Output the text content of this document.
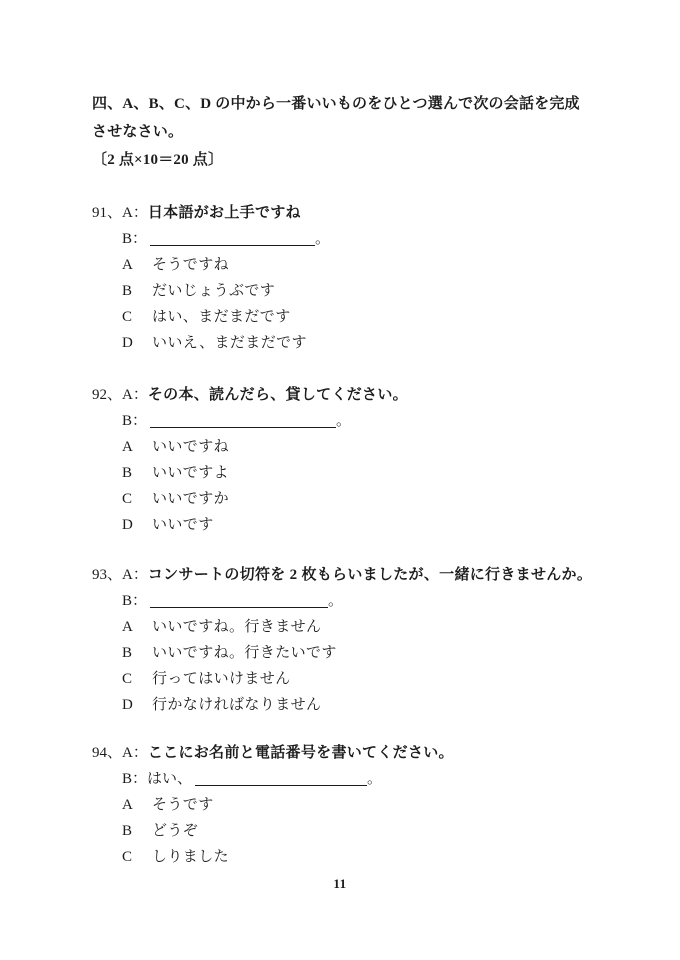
四、A、B、C、D の中から一番いいものをひとつ選んで次の会話を完成
させなさい。
〔2 点×10＝20 点〕
91、A：日本語がお上手ですね
B：	。
A そうですね
B だいじょうぶです
C はい、まだまだです
D いいえ、まだまだです
92、A：その本、読んだら、貸してください。
B：	。
A いいですね
B いいですよ
C いいですか
D いいです
93、A：コンサートの切符を 2 枚もらいましたが、一緒に行きませんか。
B：	。
A いいですね。行きません
B いいですね。行きたいです
C 行ってはいけません
D 行かなければなりません
94、A：ここにお名前と電話番号を書いてください。
B：はい、	。
A そうです
B どうぞ
C しりました
11
